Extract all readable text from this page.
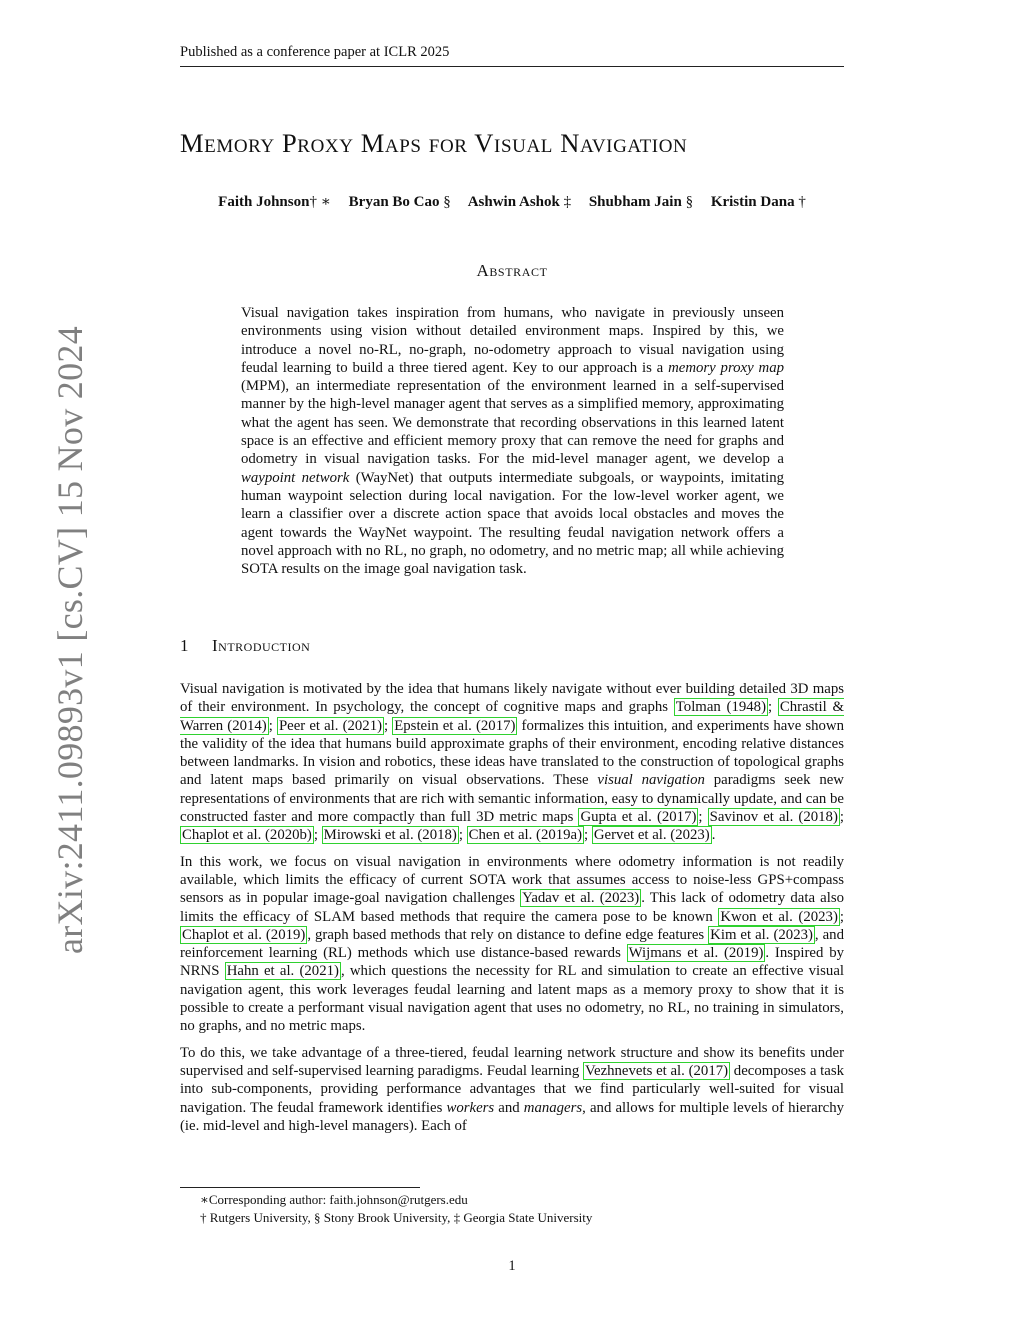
Published as a conference paper at ICLR 2025
arXiv:2411.09893v1 [cs.CV] 15 Nov 2024
Memory Proxy Maps for Visual Navigation
Faith Johnson† ∗ Bryan Bo Cao § Ashwin Ashok ‡ Shubham Jain § Kristin Dana †
Abstract

Visual navigation takes inspiration from humans, who navigate in previously unseen environments using vision without detailed environment maps. Inspired by this, we introduce a novel no-RL, no-graph, no-odometry approach to visual navigation using feudal learning to build a three tiered agent. Key to our approach is a memory proxy map (MPM), an intermediate representation of the environment learned in a self-supervised manner by the high-level manager agent that serves as a simplified memory, approximating what the agent has seen. We demonstrate that recording observations in this learned latent space is an effective and efficient memory proxy that can remove the need for graphs and odometry in visual navigation tasks. For the mid-level manager agent, we develop a waypoint network (WayNet) that outputs intermediate subgoals, or waypoints, imitating human waypoint selection during local navigation. For the low-level worker agent, we learn a classifier over a discrete action space that avoids local obstacles and moves the agent towards the WayNet waypoint. The resulting feudal navigation network offers a novel approach with no RL, no graph, no odometry, and no metric map; all while achieving SOTA results on the image goal navigation task.

1 Introduction

Visual navigation is motivated by the idea that humans likely navigate without ever building detailed 3D maps of their environment. In psychology, the concept of cognitive maps and graphs Tolman (1948) ; Chrastil & Warren (2014) ; Peer et al. (2021) ; Epstein et al. (2017) formalizes this intuition, and experiments have shown the validity of the idea that humans build approximate graphs of their environment, encoding relative distances between landmarks. In vision and robotics, these ideas have translated to the construction of topological graphs and latent maps based primarily on visual observations. These visual navigation paradigms seek new representations of environments that are rich with semantic information, easy to dynamically update, and can be constructed faster and more compactly than full 3D metric maps Gupta et al. (2017) ; Savinov et al. (2018) ; Chaplot et al. (2020b) ; Mirowski et al. (2018) ; Chen et al. (2019a) ; Gervet et al. (2023) .

In this work, we focus on visual navigation in environments where odometry information is not readily available, which limits the efficacy of current SOTA work that assumes access to noise-less GPS+compass sensors as in popular image-goal navigation challenges Yadav et al. (2023) . This lack of odometry data also limits the efficacy of SLAM based methods that require the camera pose to be known Kwon et al. (2023) ; Chaplot et al. (2019) , graph based methods that rely on distance to define edge features Kim et al. (2023) , and reinforcement learning (RL) methods which use distance-based rewards Wijmans et al. (2019) . Inspired by NRNS Hahn et al. (2021) , which questions the necessity for RL and simulation to create an effective visual navigation agent, this work leverages feudal learning and latent maps as a memory proxy to show that it is possible to create a performant visual navigation agent that uses no odometry, no RL, no training in simulators, no graphs, and no metric maps.

To do this, we take advantage of a three-tiered, feudal learning network structure and show its benefits under supervised and self-supervised learning paradigms. Feudal learning Vezhnevets et al. (2017) decomposes a task into sub-components, providing performance advantages that we find particularly well-suited for visual navigation. The feudal framework identifies workers and managers, and allows for multiple levels of hierarchy (ie. mid-level and high-level managers). Each of

∗Corresponding author: faith.johnson@rutgers.edu
† Rutgers University, § Stony Brook University, ‡ Georgia State University
1
